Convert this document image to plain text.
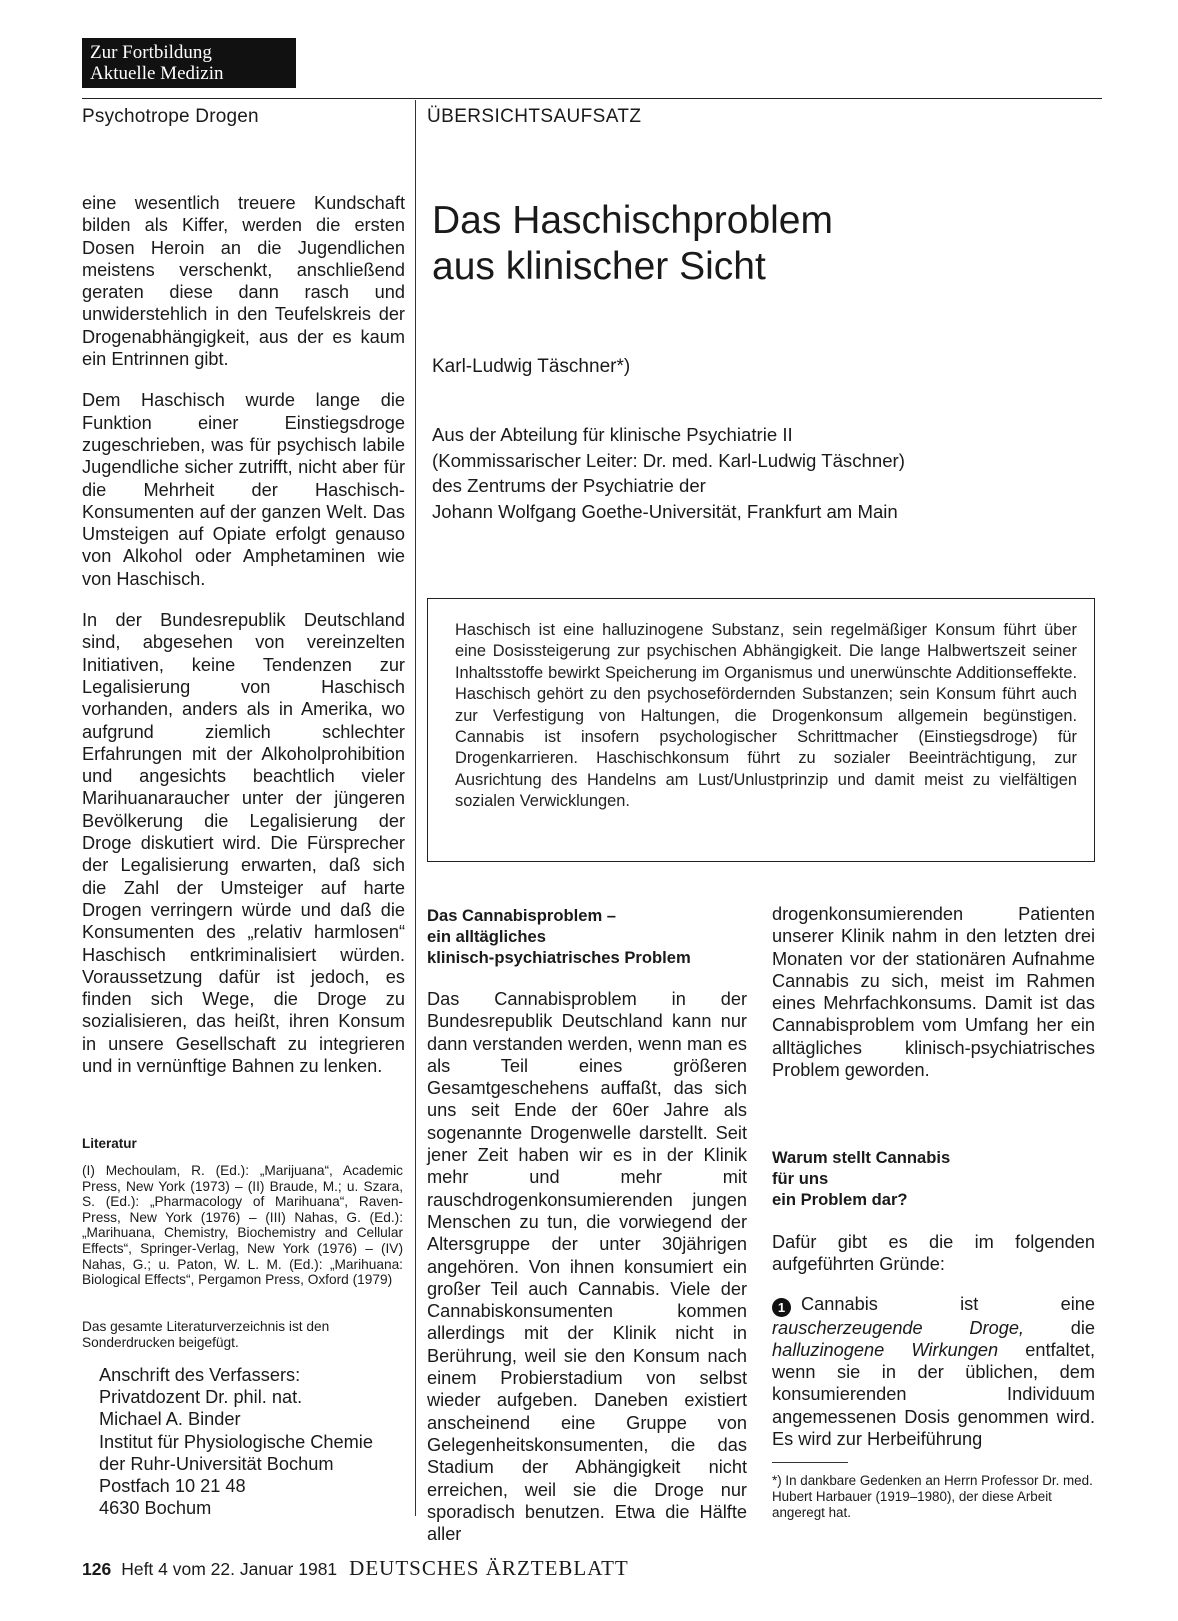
Zur Fortbildung
Aktuelle Medizin
Psychotrope Drogen	ÜBERSICHTSAUFSATZ

eine wesentlich treuere Kundschaft bilden als Kiffer, werden die ersten Dosen Heroin an die Jugendlichen meistens verschenkt, anschließend geraten diese dann rasch und unwiderstehlich in den Teufelskreis der Drogenabhängigkeit, aus der es kaum ein Entrinnen gibt.

Dem Haschisch wurde lange die Funktion einer Einstiegsdroge zugeschrieben, was für psychisch labile Jugendliche sicher zutrifft, nicht aber für die Mehrheit der Haschisch-Konsumenten auf der ganzen Welt. Das Umsteigen auf Opiate erfolgt genauso von Alkohol oder Amphetaminen wie von Haschisch.

In der Bundesrepublik Deutschland sind, abgesehen von vereinzelten Initiativen, keine Tendenzen zur Legalisierung von Haschisch vorhanden, anders als in Amerika, wo aufgrund ziemlich schlechter Erfahrungen mit der Alkoholprohibition und angesichts beachtlich vieler Marihuanaraucher unter der jüngeren Bevölkerung die Legalisierung der Droge diskutiert wird. Die Fürsprecher der Legalisierung erwarten, daß sich die Zahl der Umsteiger auf harte Drogen verringern würde und daß die Konsumenten des „relativ harmlosen“ Haschisch entkriminalisiert würden. Voraussetzung dafür ist jedoch, es finden sich Wege, die Droge zu sozialisieren, das heißt, ihren Konsum in unsere Gesellschaft zu integrieren und in vernünftige Bahnen zu lenken.

Literatur
(I) Mechoulam, R. (Ed.): „Marijuana“, Academic Press, New York (1973) – (II) Braude, M.; u. Szara, S. (Ed.): „Pharmacology of Marihuana“, Raven-Press, New York (1976) – (III) Nahas, G. (Ed.): „Marihuana, Chemistry, Biochemistry and Cellular Effects“, Springer-Verlag, New York (1976) – (IV) Nahas, G.; u. Paton, W. L. M. (Ed.): „Marihuana: Biological Effects“, Pergamon Press, Oxford (1979)
Das gesamte Literaturverzeichnis ist den Sonderdrucken beigefügt.
Anschrift des Verfassers:
Privatdozent Dr. phil. nat.
Michael A. Binder
Institut für Physiologische Chemie
der Ruhr-Universität Bochum
Postfach 10 21 48
4630 Bochum
Das Haschischproblem
aus klinischer Sicht
Karl-Ludwig Täschner*)
Aus der Abteilung für klinische Psychiatrie II
(Kommissarischer Leiter: Dr. med. Karl-Ludwig Täschner)
des Zentrums der Psychiatrie der
Johann Wolfgang Goethe-Universität, Frankfurt am Main
Haschisch ist eine halluzinogene Substanz, sein regelmäßiger Konsum führt über eine Dosissteigerung zur psychischen Abhängigkeit. Die lange Halbwertszeit seiner Inhaltsstoffe bewirkt Speicherung im Organismus und unerwünschte Additionseffekte. Haschisch gehört zu den psychosefördernden Substanzen; sein Konsum führt auch zur Verfestigung von Haltungen, die Drogenkonsum allgemein begünstigen. Cannabis ist insofern psychologischer Schrittmacher (Einstiegsdroge) für Drogenkarrieren. Haschischkonsum führt zu sozialer Beeinträchtigung, zur Ausrichtung des Handelns am Lust/Unlustprinzip und damit meist zu vielfältigen sozialen Verwicklungen.
Das Cannabisproblem –
ein alltägliches
klinisch-psychiatrisches Problem

Das Cannabisproblem in der Bundesrepublik Deutschland kann nur dann verstanden werden, wenn man es als Teil eines größeren Gesamtgeschehens auffaßt, das sich uns seit Ende der 60er Jahre als sogenannte Drogenwelle darstellt. Seit jener Zeit haben wir es in der Klinik mehr und mehr mit rauschdrogenkonsumierenden jungen Menschen zu tun, die vorwiegend der Altersgruppe der unter 30jährigen angehören. Von ihnen konsumiert ein großer Teil auch Cannabis. Viele der Cannabiskonsumenten kommen allerdings mit der Klinik nicht in Berührung, weil sie den Konsum nach einem Probierstadium von selbst wieder aufgeben. Daneben existiert anscheinend eine Gruppe von Gelegenheitskonsumenten, die das Stadium der Abhängigkeit nicht erreichen, weil sie die Droge nur sporadisch benutzen. Etwa die Hälfte aller

drogenkonsumierenden Patienten unserer Klinik nahm in den letzten drei Monaten vor der stationären Aufnahme Cannabis zu sich, meist im Rahmen eines Mehrfachkonsums. Damit ist das Cannabisproblem vom Umfang her ein alltägliches klinisch-psychiatrisches Problem geworden.

Warum stellt Cannabis
für uns
ein Problem dar?

Dafür gibt es die im folgenden aufgeführten Gründe:

1 Cannabis ist eine rauscherzeugende Droge, die halluzinogene Wirkungen entfaltet, wenn sie in der üblichen, dem konsumierenden Individuum angemessenen Dosis genommen wird. Es wird zur Herbeiführung

*) In dankbare Gedenken an Herrn Professor Dr. med. Hubert Harbauer (1919–1980), der diese Arbeit angeregt hat.
126 Heft 4 vom 22. Januar 1981 DEUTSCHES ÄRZTEBLATT
